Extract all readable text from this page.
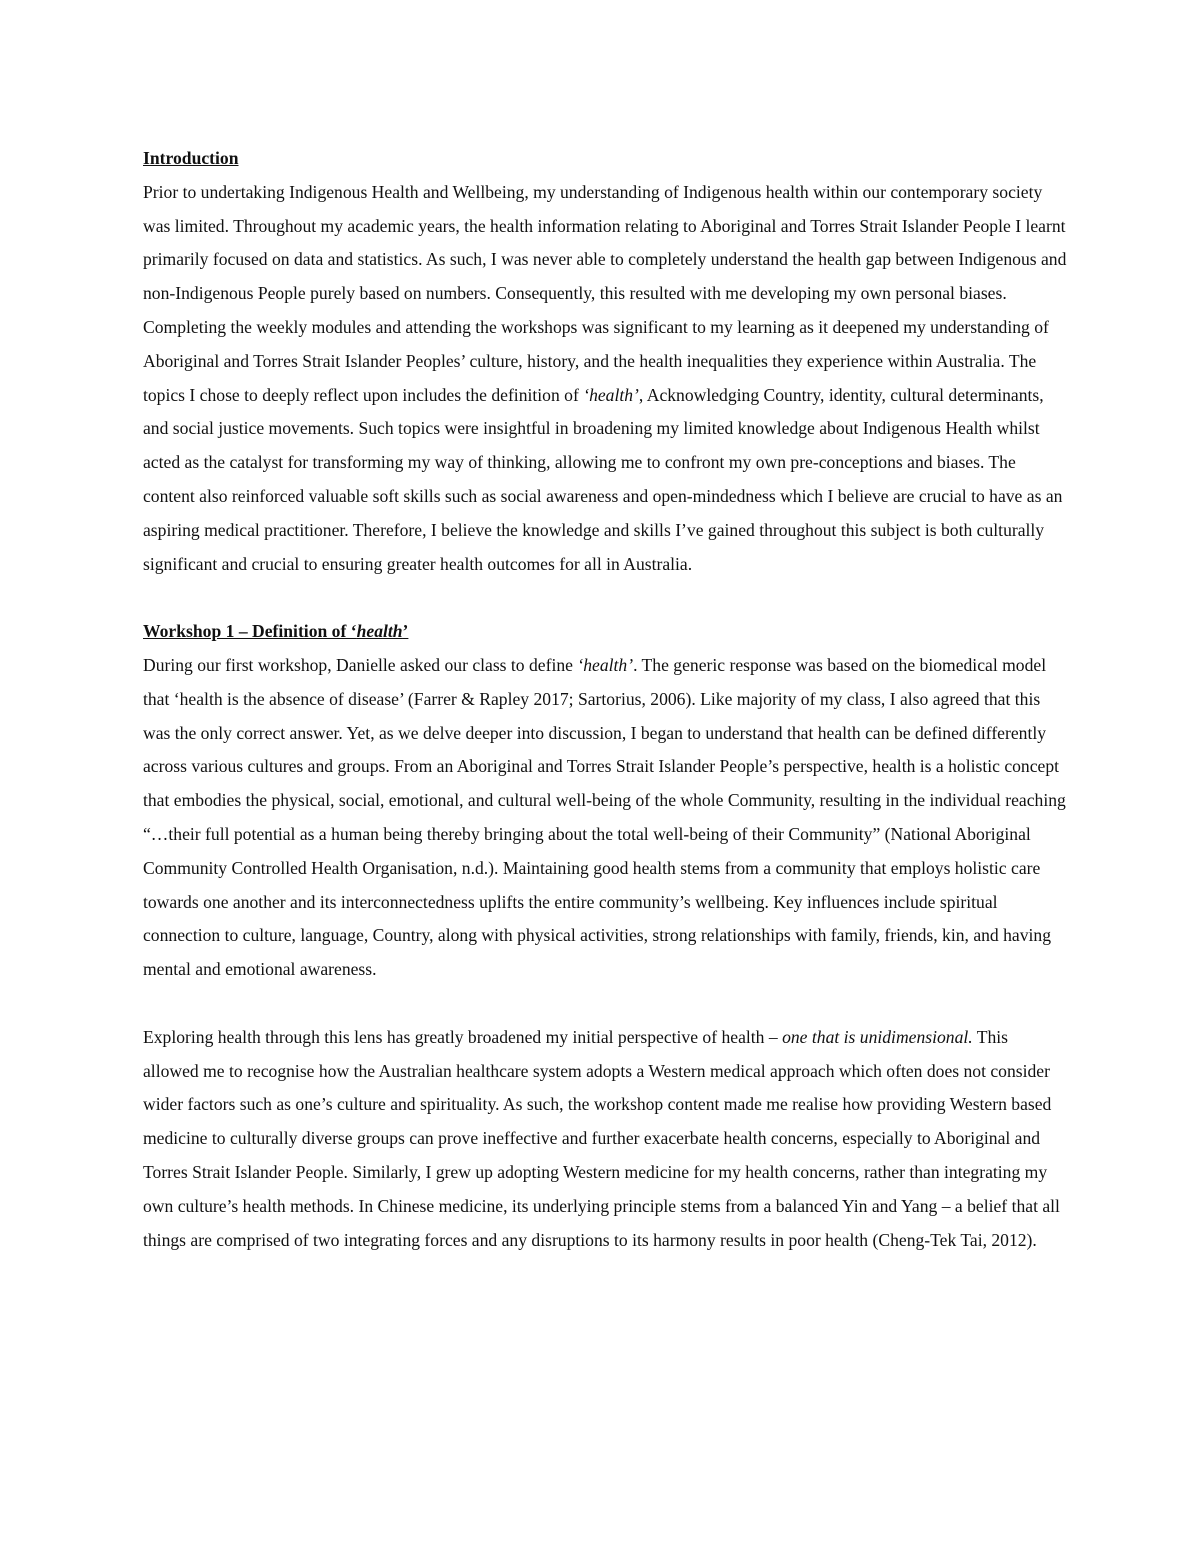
Introduction

Prior to undertaking Indigenous Health and Wellbeing, my understanding of Indigenous health within our contemporary society was limited. Throughout my academic years, the health information relating to Aboriginal and Torres Strait Islander People I learnt primarily focused on data and statistics. As such, I was never able to completely understand the health gap between Indigenous and non-Indigenous People purely based on numbers. Consequently, this resulted with me developing my own personal biases. Completing the weekly modules and attending the workshops was significant to my learning as it deepened my understanding of Aboriginal and Torres Strait Islander Peoples’ culture, history, and the health inequalities they experience within Australia. The topics I chose to deeply reflect upon includes the definition of ‘health’, Acknowledging Country, identity, cultural determinants, and social justice movements. Such topics were insightful in broadening my limited knowledge about Indigenous Health whilst acted as the catalyst for transforming my way of thinking, allowing me to confront my own pre-conceptions and biases. The content also reinforced valuable soft skills such as social awareness and open-mindedness which I believe are crucial to have as an aspiring medical practitioner. Therefore, I believe the knowledge and skills I’ve gained throughout this subject is both culturally significant and crucial to ensuring greater health outcomes for all in Australia.

Workshop 1 – Definition of ‘health’

During our first workshop, Danielle asked our class to define ‘health’. The generic response was based on the biomedical model that ‘health is the absence of disease’ (Farrer & Rapley 2017; Sartorius, 2006). Like majority of my class, I also agreed that this was the only correct answer. Yet, as we delve deeper into discussion, I began to understand that health can be defined differently across various cultures and groups. From an Aboriginal and Torres Strait Islander People’s perspective, health is a holistic concept that embodies the physical, social, emotional, and cultural well-being of the whole Community, resulting in the individual reaching “…their full potential as a human being thereby bringing about the total well-being of their Community” (National Aboriginal Community Controlled Health Organisation, n.d.). Maintaining good health stems from a community that employs holistic care towards one another and its interconnectedness uplifts the entire community’s wellbeing. Key influences include spiritual connection to culture, language, Country, along with physical activities, strong relationships with family, friends, kin, and having mental and emotional awareness.

Exploring health through this lens has greatly broadened my initial perspective of health – one that is unidimensional. This allowed me to recognise how the Australian healthcare system adopts a Western medical approach which often does not consider wider factors such as one’s culture and spirituality. As such, the workshop content made me realise how providing Western based medicine to culturally diverse groups can prove ineffective and further exacerbate health concerns, especially to Aboriginal and Torres Strait Islander People. Similarly, I grew up adopting Western medicine for my health concerns, rather than integrating my own culture’s health methods. In Chinese medicine, its underlying principle stems from a balanced Yin and Yang – a belief that all things are comprised of two integrating forces and any disruptions to its harmony results in poor health (Cheng-Tek Tai, 2012).
